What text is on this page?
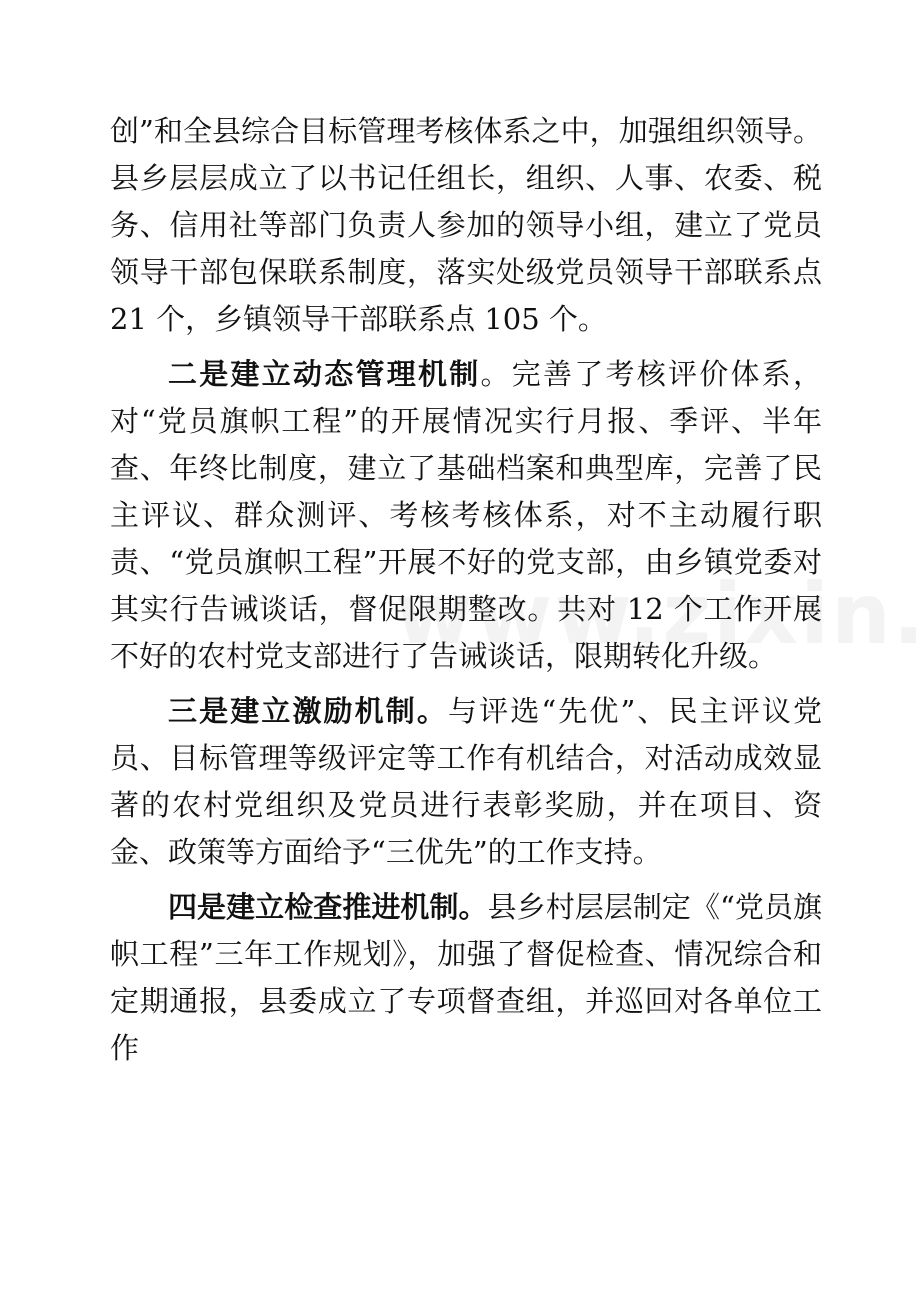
创”和全县综合目标管理考核体系之中，加强组织领导。县乡层层成立了以书记任组长，组织、人事、农委、税务、信用社等部门负责人参加的领导小组，建立了党员领导干部包保联系制度，落实处级党员领导干部联系点 21 个，乡镇领导干部联系点 105 个。

二是建立动态管理机制。完善了考核评价体系，对“党员旗帜工程”的开展情况实行月报、季评、半年查、年终比制度，建立了基础档案和典型库，完善了民主评议、群众测评、考核考核体系，对不主动履行职责、“党员旗帜工程”开展不好的党支部，由乡镇党委对其实行告诫谈话，督促限期整改。共对 12 个工作开展不好的农村党支部进行了告诫谈话，限期转化升级。

三是建立激励机制。与评选“先优”、民主评议党员、目标管理等级评定等工作有机结合，对活动成效显著的农村党组织及党员进行表彰奖励，并在项目、资金、政策等方面给予“三优先”的工作支持。

四是建立检查推进机制。县乡村层层制定《“党员旗帜工程”三年工作规划》，加强了督促检查、情况综合和定期通报，县委成立了专项督查组，并巡回对各单位工作
